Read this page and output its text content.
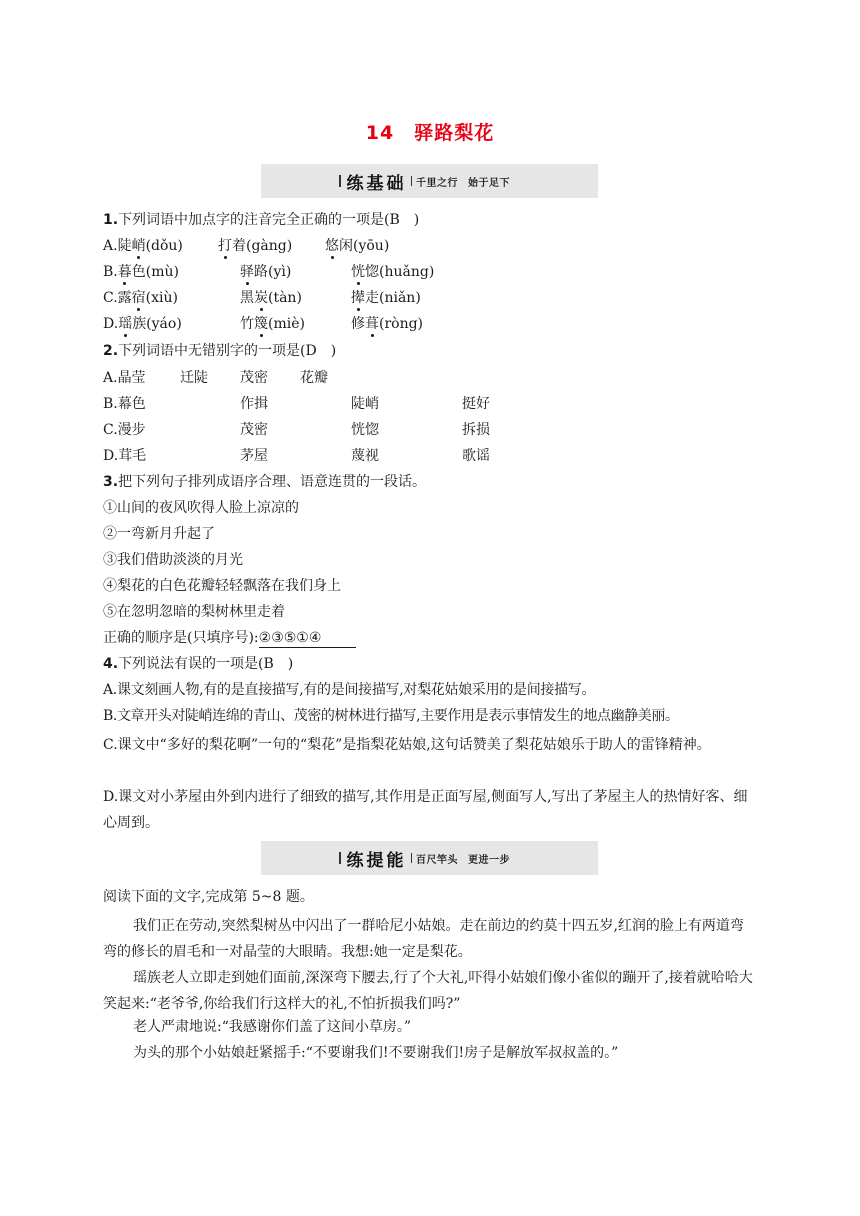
14　驿路梨花
练基础 千里之行 始于足下
1.下列词语中加点字的注音完全正确的一项是(B　)
A.陡峭(dǒu)	打着(gàng) 悠闲(yōu)
B.暮色(mù)	驿路(yì)	恍惚(huǎng)
C.露宿(xiù)	黑炭(tàn)	撵走(niǎn)
D.瑶族(yáo)	竹篾(miè)	修葺(ròng)
2.下列词语中无错别字的一项是(D　)
A.晶莹 迁陡 茂密 花瓣
B.幕色	作揖	陡峭	挺好
C.漫步	茂密	恍惚	拆损
D.茸毛	茅屋	蔑视	歌谣
3.把下列句子排列成语序合理、语意连贯的一段话。
①山间的夜风吹得人脸上凉凉的
②一弯新月升起了
③我们借助淡淡的月光
④梨花的白色花瓣轻轻飘落在我们身上
⑤在忽明忽暗的梨树林里走着
正确的顺序是(只填序号):②③⑤①④
4.下列说法有误的一项是(B　)
A.课文刻画人物,有的是直接描写,有的是间接描写,对梨花姑娘采用的是间接描写。
B.文章开头对陡峭连绵的青山、茂密的树林进行描写,主要作用是表示事情发生的地点幽静美丽。
C.课文中“多好的梨花啊”一句的“梨花”是指梨花姑娘,这句话赞美了梨花姑娘乐于助人的雷锋精神。
D.课文对小茅屋由外到内进行了细致的描写,其作用是正面写屋,侧面写人,写出了茅屋主人的热情好客、细心周到。
练提能 百尺竿头 更进一步
阅读下面的文字,完成第 5~8 题。
我们正在劳动,突然梨树丛中闪出了一群哈尼小姑娘。走在前边的约莫十四五岁,红润的脸上有两道弯弯的修长的眉毛和一对晶莹的大眼睛。我想:她一定是梨花。
瑶族老人立即走到她们面前,深深弯下腰去,行了个大礼,吓得小姑娘们像小雀似的蹦开了,接着就哈哈大笑起来:“老爷爷,你给我们行这样大的礼,不怕折损我们吗?”
老人严肃地说:“我感谢你们盖了这间小草房。”
为头的那个小姑娘赶紧摇手:“不要谢我们!不要谢我们!房子是解放军叔叔盖的。”
